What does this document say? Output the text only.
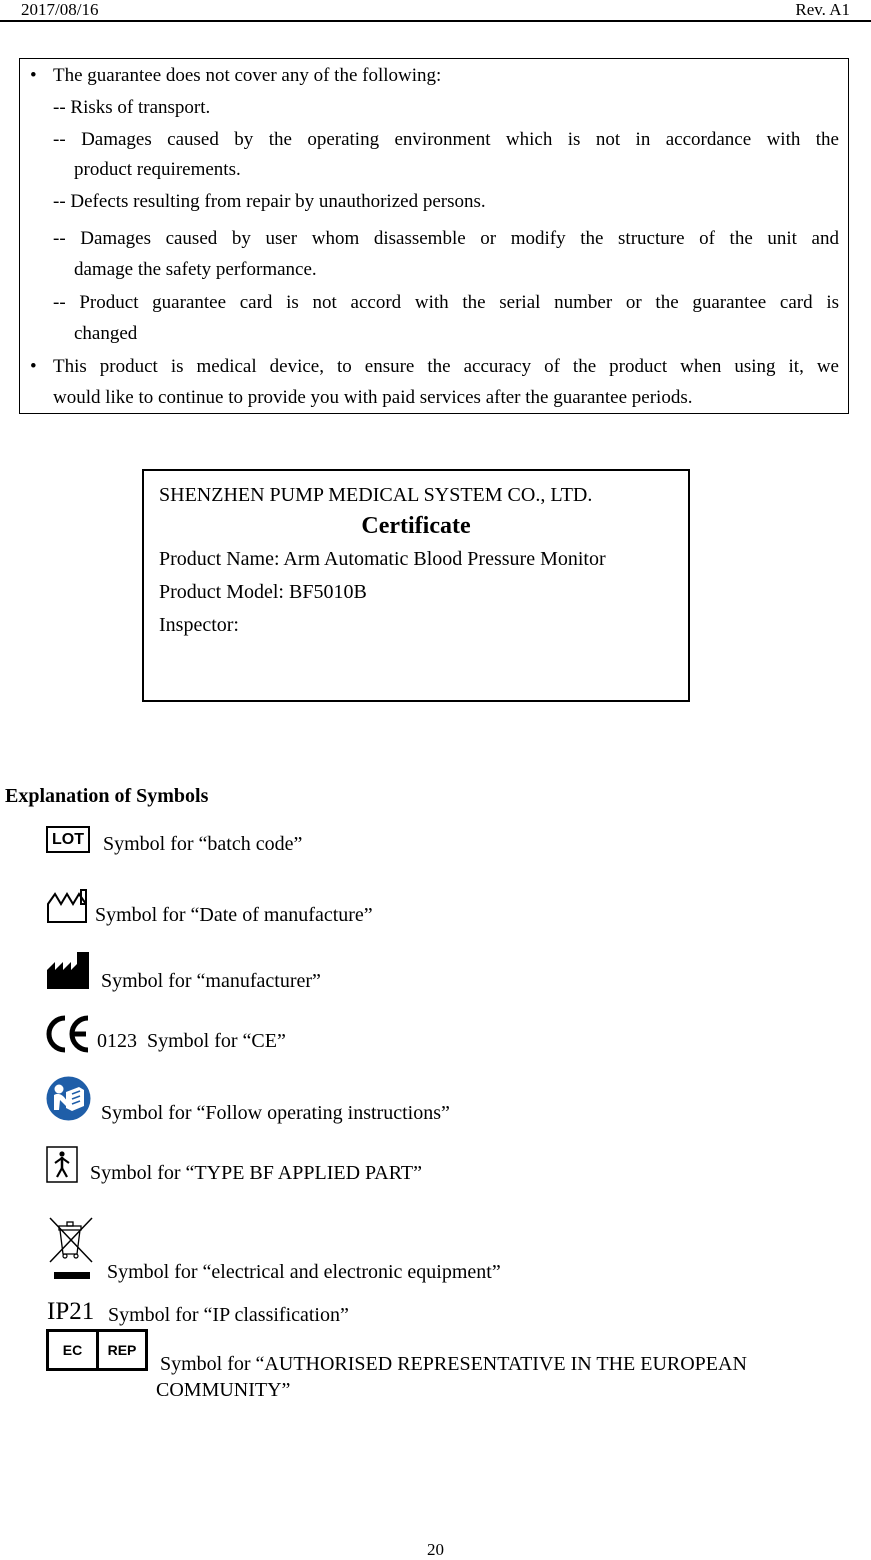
2017/08/16	Rev. A1
• The guarantee does not cover any of the following:
-- Risks of transport.
-- Damages caused by the operating environment which is not in accordance with the
product requirements.
-- Defects resulting from repair by unauthorized persons.
-- Damages caused by user whom disassemble or modify the structure of the unit and
damage the safety performance.
-- Product guarantee card is not accord with the serial number or the guarantee card is
changed
• This product is medical device, to ensure the accuracy of the product when using it, we
would like to continue to provide you with paid services after the guarantee periods.
SHENZHEN PUMP MEDICAL SYSTEM CO., LTD.
Certificate
Product Name: Arm Automatic Blood Pressure Monitor
Product Model: BF5010B
Inspector:
Explanation of Symbols
LOT Symbol for “batch code”
Symbol for “Date of manufacture”
Symbol for “manufacturer”
0123 Symbol for “CE”
Symbol for “Follow operating instructions”
Symbol for “TYPE BF APPLIED PART”
Symbol for “electrical and electronic equipment”
IP21 Symbol for “IP classification”
EC	REP
Symbol for “AUTHORISED REPRESENTATIVE IN THE EUROPEAN
COMMUNITY”
20
